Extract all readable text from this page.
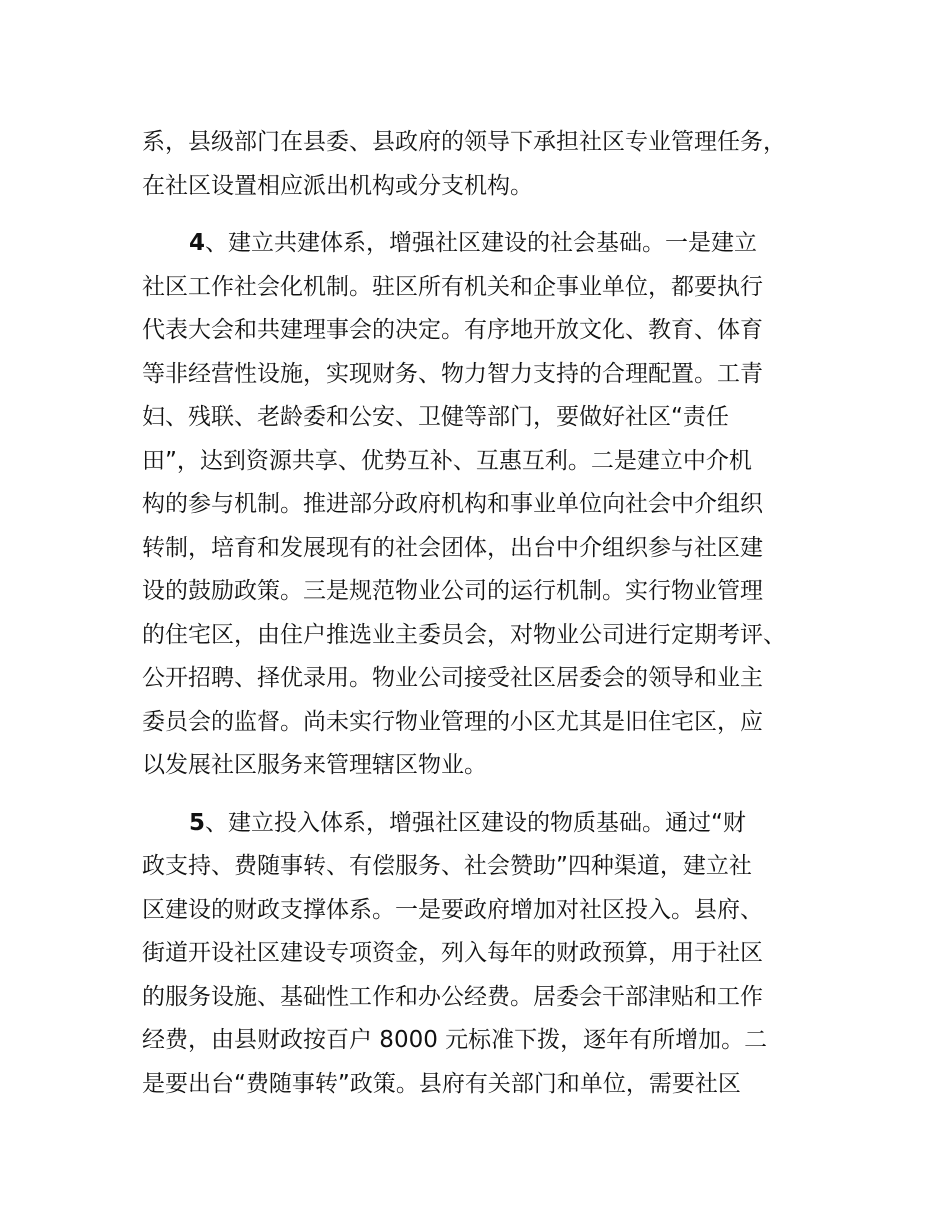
系，县级部门在县委、县政府的领导下承担社区专业管理任务，
在社区设置相应派出机构或分支机构。
4、建立共建体系，增强社区建设的社会基础。一是建立
社区工作社会化机制。驻区所有机关和企事业单位，都要执行
代表大会和共建理事会的决定。有序地开放文化、教育、体育
等非经营性设施，实现财务、物力智力支持的合理配置。工青
妇、残联、老龄委和公安、卫健等部门，要做好社区“责任
田”，达到资源共享、优势互补、互惠互利。二是建立中介机
构的参与机制。推进部分政府机构和事业单位向社会中介组织
转制，培育和发展现有的社会团体，出台中介组织参与社区建
设的鼓励政策。三是规范物业公司的运行机制。实行物业管理
的住宅区，由住户推选业主委员会，对物业公司进行定期考评、
公开招聘、择优录用。物业公司接受社区居委会的领导和业主
委员会的监督。尚未实行物业管理的小区尤其是旧住宅区，应
以发展社区服务来管理辖区物业。
5、建立投入体系，增强社区建设的物质基础。通过“财
政支持、费随事转、有偿服务、社会赞助”四种渠道，建立社
区建设的财政支撑体系。一是要政府增加对社区投入。县府、
街道开设社区建设专项资金，列入每年的财政预算，用于社区
的服务设施、基础性工作和办公经费。居委会干部津贴和工作
经费，由县财政按百户 8000 元标准下拨，逐年有所增加。二
是要出台“费随事转”政策。县府有关部门和单位，需要社区
